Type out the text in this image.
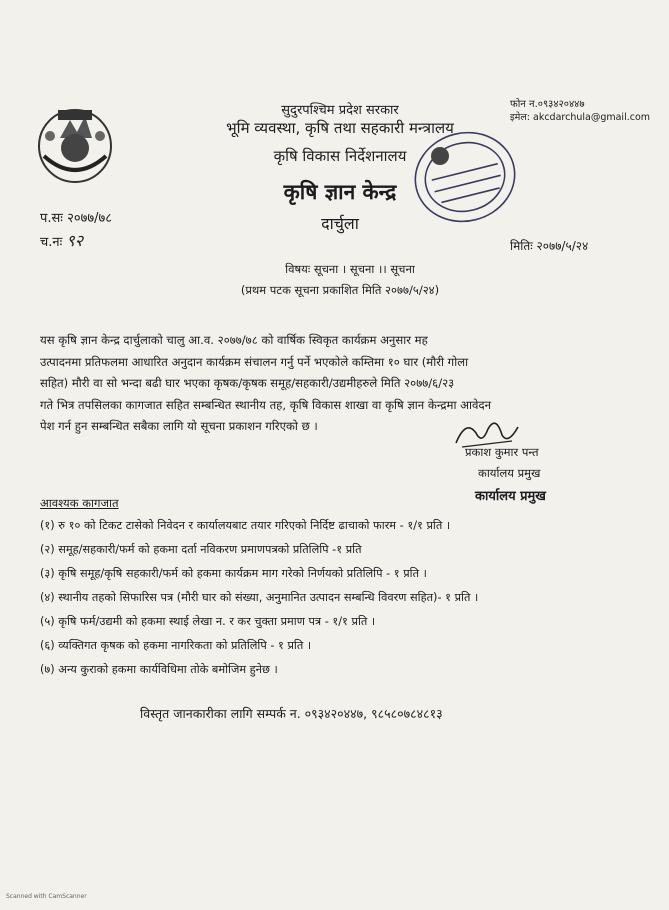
सुदुरपश्चिम प्रदेश सरकार
भूमि व्यवस्था, कृषि तथा सहकारी मन्त्रालय
कृषि विकास निर्देशनालय
कृषि ज्ञान केन्द्र
दार्चुला
फोन न.०९३४२०४४७
इमेल: akcdarchula@gmail.com
प.सः २०७७/७८
च.नः ९२	मितिः २०७७/५/२४
विषयः सूचना । सूचना ।। सूचना
(प्रथम पटक सूचना प्रकाशित मिति २०७७/५/२४)
यस कृषि ज्ञान केन्द्र दार्चुलाको चालु आ.व. २०७७/७८ को वार्षिक स्विकृत कार्यक्रम अनुसार मह
उत्पादनमा प्रतिफलमा आधारित अनुदान कार्यक्रम संचालन गर्नु पर्ने भएकोले कम्तिमा १० घार (मौरी गोला
सहित) मौरी वा सो भन्दा बढी घार भएका कृषक/कृषक समूह/सहकारी/उद्यमीहरुले मिति २०७७/६/२३
गते भित्र तपसिलका कागजात सहित सम्बन्धित स्थानीय तह, कृषि विकास शाखा वा कृषि ज्ञान केन्द्रमा आवेदन
पेश गर्न हुन सम्बन्धित सबैका लागि यो सूचना प्रकाशन गरिएको छ ।
प्रकाश कुमार पन्त
कार्यालय प्रमुख
कार्यालय प्रमुख
आवश्यक कागजात
(१) रु १० को टिकट टासेको निवेदन र कार्यालयबाट तयार गरिएको निर्दिष्ट ढाचाको फारम - १/१ प्रति ।
(२) समूह/सहकारी/फर्म को हकमा दर्ता नविकरण प्रमाणपत्रको प्रतिलिपि -१ प्रति
(३) कृषि समूह/कृषि सहकारी/फर्म को हकमा कार्यक्रम माग गरेको निर्णयको प्रतिलिपि - १ प्रति ।
(४) स्थानीय तहको सिफारिस पत्र (मौरी घार को संख्या, अनुमानित उत्पादन सम्बन्धि विवरण सहित)- १ प्रति ।
(५) कृषि फर्म/उद्यमी को हकमा स्थाई लेखा न. र कर चुक्ता प्रमाण पत्र - १/१ प्रति ।
(६) व्यक्तिगत कृषक को हकमा नागरिकता को प्रतिलिपि - १ प्रति ।
(७) अन्य कुराको हकमा कार्यविधिमा तोके बमोजिम हुनेछ ।
विस्तृत जानकारीका लागि सम्पर्क न. ०९३४२०४४७, ९८५८०७८४८१३
Scanned with CamScanner
